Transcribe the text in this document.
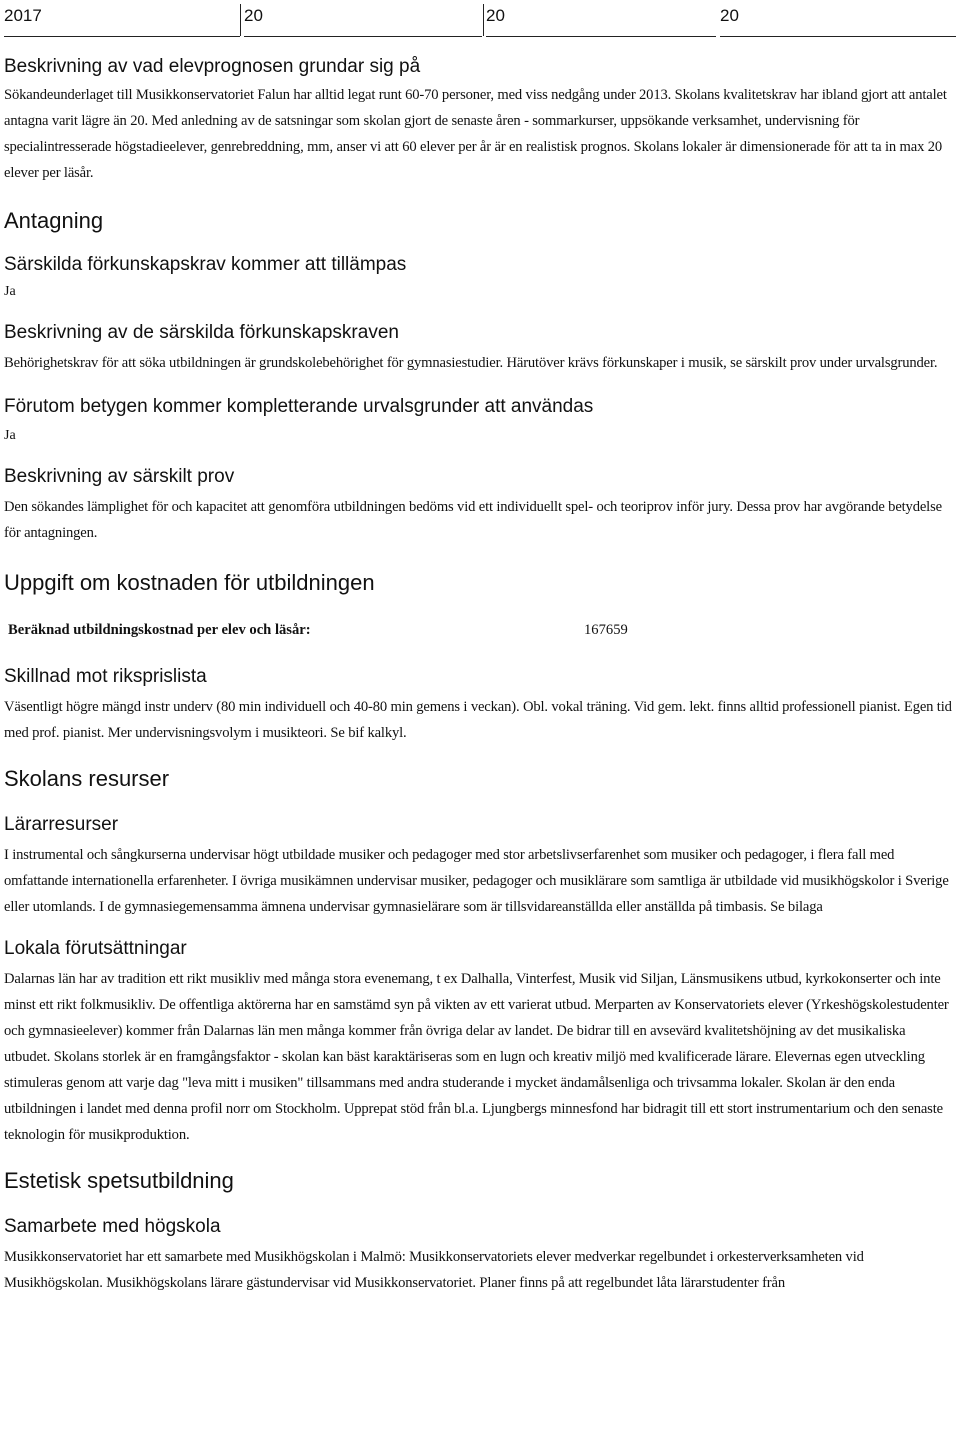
2017	20	20	20
Beskrivning av vad elevprognosen grundar sig på

Sökandeunderlaget till Musikkonservatoriet Falun har alltid legat runt 60-70 personer, med viss nedgång under 2013. Skolans kvalitetskrav har ibland gjort att antalet antagna varit lägre än 20. Med anledning av de satsningar som skolan gjort de senaste åren - sommarkurser, uppsökande verksamhet, undervisning för specialintresserade högstadieelever, genrebreddning, mm, anser vi att 60 elever per år är en realistisk prognos. Skolans lokaler är dimensionerade för att ta in max 20 elever per läsår.

Antagning
Särskilda förkunskapskrav kommer att tillämpas

Ja

Beskrivning av de särskilda förkunskapskraven

Behörighetskrav för att söka utbildningen är grundskolebehörighet för gymnasiestudier. Härutöver krävs förkunskaper i musik, se särskilt prov under urvalsgrunder.

Förutom betygen kommer kompletterande urvalsgrunder att användas

Ja

Beskrivning av särskilt prov

Den sökandes lämplighet för och kapacitet att genomföra utbildningen bedöms vid ett individuellt spel- och teoriprov inför jury. Dessa prov har avgörande betydelse för antagningen.

Uppgift om kostnaden för utbildningen
Beräknad utbildningskostnad per elev och läsår:	167659
Skillnad mot riksprislista

Väsentligt högre mängd instr underv (80 min individuell och 40-80 min gemens i veckan). Obl. vokal träning. Vid gem. lekt. finns alltid professionell pianist. Egen tid med prof. pianist. Mer undervisningsvolym i musikteori. Se bif kalkyl.

Skolans resurser
Lärarresurser

I instrumental och sångkurserna undervisar högt utbildade musiker och pedagoger med stor arbetslivserfarenhet som musiker och pedagoger, i flera fall med omfattande internationella erfarenheter. I övriga musikämnen undervisar musiker, pedagoger och musiklärare som samtliga är utbildade vid musikhögskolor i Sverige eller utomlands. I de gymnasiegemensamma ämnena undervisar gymnasielärare som är tillsvidareanställda eller anställda på timbasis. Se bilaga

Lokala förutsättningar

Dalarnas län har av tradition ett rikt musikliv med många stora evenemang, t ex Dalhalla, Vinterfest, Musik vid Siljan, Länsmusikens utbud, kyrkokonserter och inte minst ett rikt folkmusikliv. De offentliga aktörerna har en samstämd syn på vikten av ett varierat utbud. Merparten av Konservatoriets elever (Yrkeshögskolestudenter och gymnasieelever) kommer från Dalarnas län men många kommer från övriga delar av landet. De bidrar till en avsevärd kvalitetshöjning av det musikaliska utbudet. Skolans storlek är en framgångsfaktor - skolan kan bäst karaktäriseras som en lugn och kreativ miljö med kvalificerade lärare. Elevernas egen utveckling stimuleras genom att varje dag "leva mitt i musiken" tillsammans med andra studerande i mycket ändamålsenliga och trivsamma lokaler. Skolan är den enda utbildningen i landet med denna profil norr om Stockholm. Upprepat stöd från bl.a. Ljungbergs minnesfond har bidragit till ett stort instrumentarium och den senaste teknologin för musikproduktion.

Estetisk spetsutbildning
Samarbete med högskola

Musikkonservatoriet har ett samarbete med Musikhögskolan i Malmö: Musikkonservatoriets elever medverkar regelbundet i orkesterverksamheten vid Musikhögskolan. Musikhögskolans lärare gästundervisar vid Musikkonservatoriet. Planer finns på att regelbundet låta lärarstudenter från
